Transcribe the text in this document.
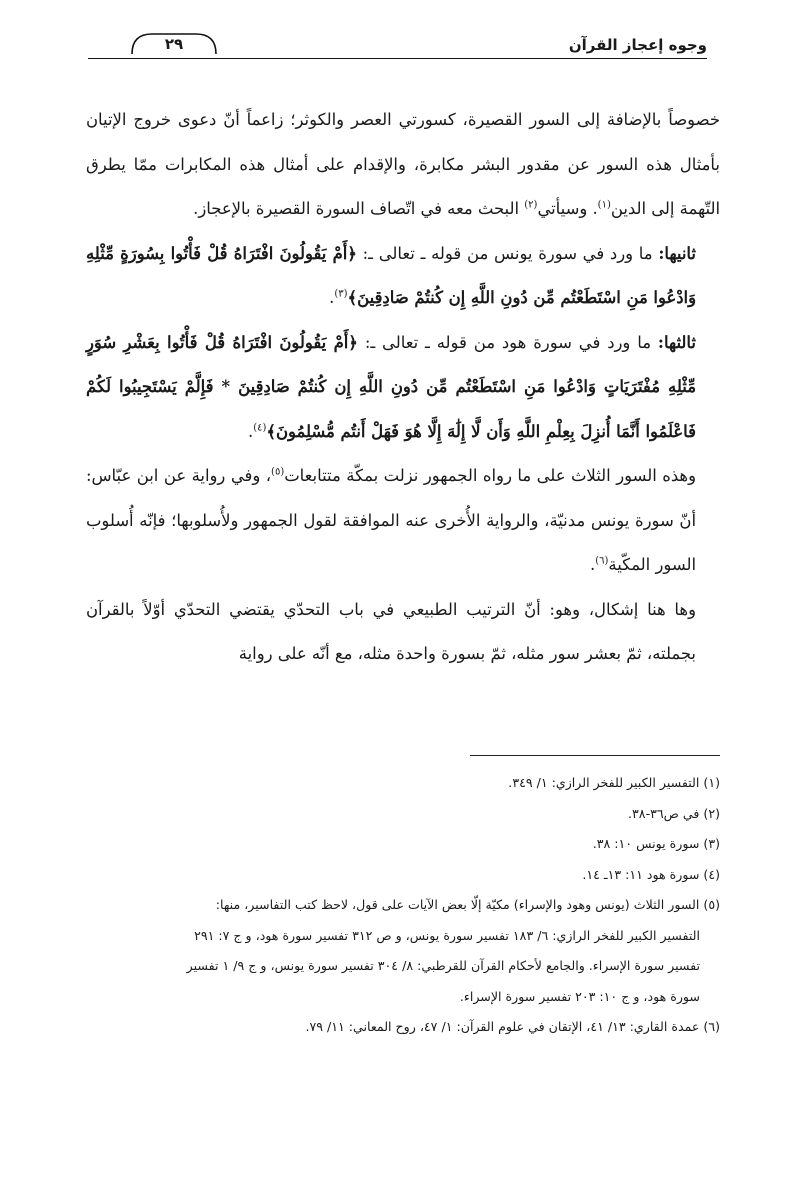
وجوه إعجاز القرآن
٢٩

خصوصاً بالإضافة إلى السور القصيرة، كسورتي العصر والكوثر؛ زاعماً أنّ دعوى خروج الإتيان بأمثال هذه السور عن مقدور البشر مكابرة، والإقدام على أمثال هذه المكابرات ممّا يطرق التّهمة إلى الدين$^{(١)}$. وسيأتي$^{(٢)}$ البحث معه في اتّصاف السورة القصيرة بالإعجاز.

ثانيها: ما ورد في سورة يونس من قوله ـ تعالى ـ: ﴿أَمْ يَقُولُونَ افْتَرَاهُ قُلْ فَأْتُوا بِسُورَةٍ مِّثْلِهِ وَادْعُوا مَنِ اسْتَطَعْتُم مِّن دُونِ اللَّهِ إِن كُنتُمْ صَادِقِينَ﴾$^{(٣)}$.

ثالثها: ما ورد في سورة هود من قوله ـ تعالى ـ: ﴿أَمْ يَقُولُونَ افْتَرَاهُ قُلْ فَأْتُوا بِعَشْرِ سُوَرٍ مِّثْلِهِ مُفْتَرَيَاتٍ وَادْعُوا مَنِ اسْتَطَعْتُم مِّن دُونِ اللَّهِ إِن كُنتُمْ صَادِقِينَ * فَإِلَّمْ يَسْتَجِيبُوا لَكُمْ فَاعْلَمُوا أَنَّمَا أُنزِلَ بِعِلْمِ اللَّهِ وَأَن لَّا إِلَٰهَ إِلَّا هُوَ فَهَلْ أَنتُم مُّسْلِمُونَ﴾$^{(٤)}$.

وهذه السور الثلاث على ما رواه الجمهور نزلت بمكّة متتابعات$^{(٥)}$، وفي رواية عن ابن عبّاس: أنّ سورة يونس مدنيّة، والرواية الأُخرى عنه الموافقة لقول الجمهور ولأُسلوبها؛ فإنّه أُسلوب السور المكّية$^{(٦)}$.

وها هنا إشكال، وهو: أنّ الترتيب الطبيعي في باب التحدّي يقتضي التحدّي أوّلاً بالقرآن بجملته، ثمّ بعشر سور مثله، ثمّ بسورة واحدة مثله، مع أنّه على رواية

(١) التفسير الكبير للفخر الرازي: ١/ ٣٤٩.

(٢) في ص٣٦-٣٨.

(٣) سورة يونس ١٠: ٣٨.

(٤) سورة هود ١١: ١٣ـ ١٤.

(٥) السور الثلاث (يونس وهود والإسراء) مكيّة إلّا بعض الآيات على قول، لاحظ كتب التفاسير، منها:

التفسير الكبير للفخر الرازي: ٦/ ١٨٣ تفسير سورة يونس، و ص ٣١٢ تفسير سورة هود، و ج ٧: ٢٩١

تفسير سورة الإسراء. والجامع لأحكام القرآن للقرطبي: ٨/ ٣٠٤ تفسير سورة يونس، و ج ٩/ ١ تفسير

سورة هود، و ج ١٠: ٢٠٣ تفسير سورة الإسراء.

(٦) عمدة القاري: ١٣/ ٤١، الإتقان في علوم القرآن: ١/ ٤٧، روح المعاني: ١١/ ٧٩.
